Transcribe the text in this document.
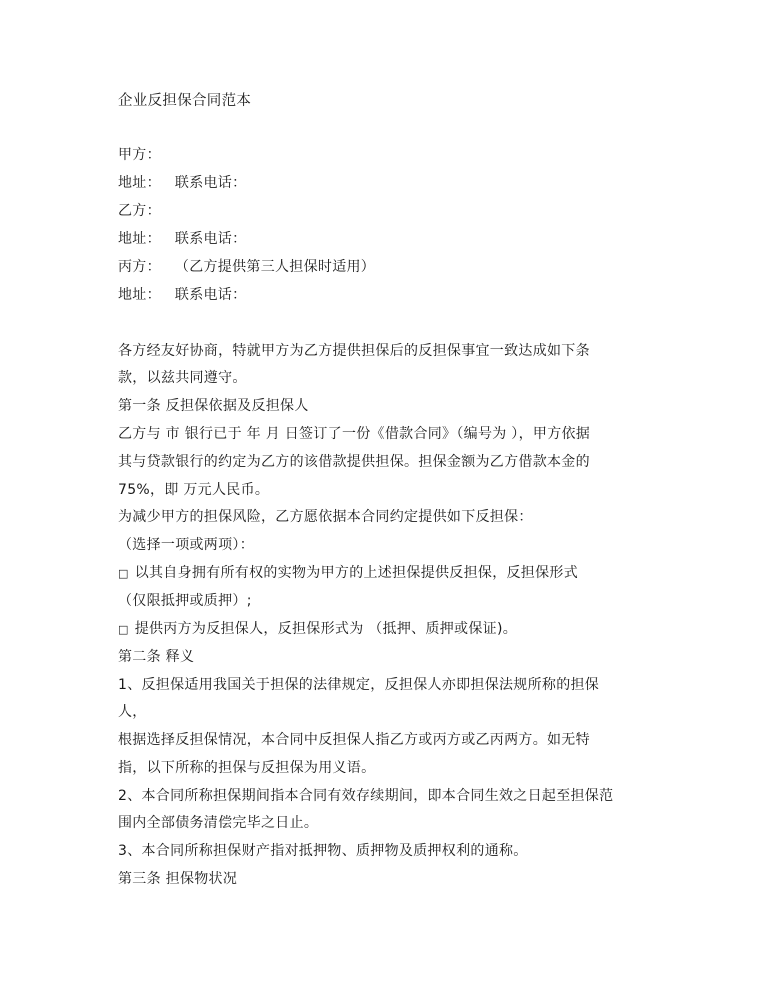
企业反担保合同范本
甲方：
地址： 联系电话：
乙方：
地址： 联系电话：
丙方： （乙方提供第三人担保时适用）
地址： 联系电话：
各方经友好协商，特就甲方为乙方提供担保后的反担保事宜一致达成如下条
款，以兹共同遵守。
第一条 反担保依据及反担保人
乙方与 市 银行已于 年 月 日签订了一份《借款合同》（编号为 ），甲方依据
其与贷款银行的约定为乙方的该借款提供担保。担保金额为乙方借款本金的
75%，即 万元人民币。
为减少甲方的担保风险，乙方愿依据本合同约定提供如下反担保：
（选择一项或两项）：
□ 以其自身拥有所有权的实物为甲方的上述担保提供反担保，反担保形式
（仅限抵押或质押）;
□ 提供丙方为反担保人，反担保形式为 （抵押、质押或保证)。
第二条 释义
1、反担保适用我国关于担保的法律规定，反担保人亦即担保法规所称的担保
人，
根据选择反担保情况，本合同中反担保人指乙方或丙方或乙丙两方。如无特
指，以下所称的担保与反担保为用义语。
2、本合同所称担保期间指本合同有效存续期间，即本合同生效之日起至担保范
围内全部债务清偿完毕之日止。
3、本合同所称担保财产指对抵押物、质押物及质押权利的通称。
第三条 担保物状况
